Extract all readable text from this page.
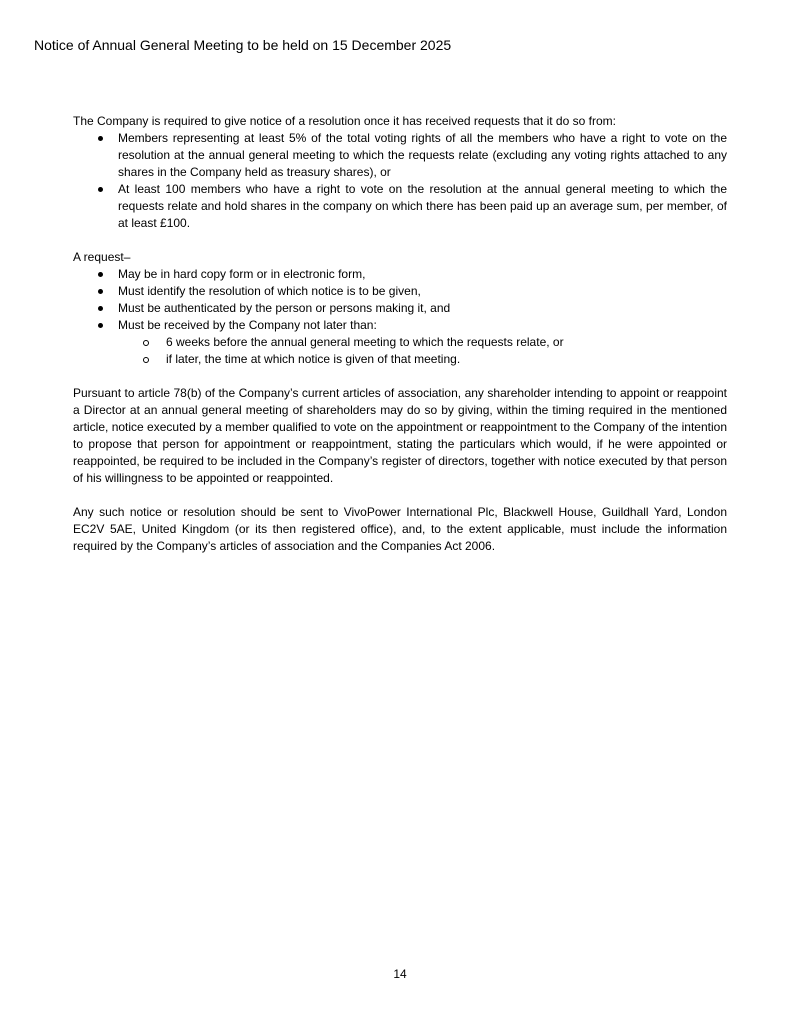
Notice of Annual General Meeting to be held on 15 December 2025

The Company is required to give notice of a resolution once it has received requests that it do so from:

Members representing at least 5% of the total voting rights of all the members who have a right to vote on the resolution at the annual general meeting to which the requests relate (excluding any voting rights attached to any shares in the Company held as treasury shares), or
At least 100 members who have a right to vote on the resolution at the annual general meeting to which the requests relate and hold shares in the company on which there has been paid up an average sum, per member, of at least £100.

A request–

May be in hard copy form or in electronic form,
Must identify the resolution of which notice is to be given,
Must be authenticated by the person or persons making it, and
Must be received by the Company not later than:
6 weeks before the annual general meeting to which the requests relate, or
if later, the time at which notice is given of that meeting.

Pursuant to article 78(b) of the Company’s current articles of association, any shareholder intending to appoint or reappoint a Director at an annual general meeting of shareholders may do so by giving, within the timing required in the mentioned article, notice executed by a member qualified to vote on the appointment or reappointment to the Company of the intention to propose that person for appointment or reappointment, stating the particulars which would, if he were appointed or reappointed, be required to be included in the Company’s register of directors, together with notice executed by that person of his willingness to be appointed or reappointed.

Any such notice or resolution should be sent to VivoPower International Plc, Blackwell House, Guildhall Yard, London EC2V 5AE, United Kingdom (or its then registered office), and, to the extent applicable, must include the information required by the Company’s articles of association and the Companies Act 2006.

14
